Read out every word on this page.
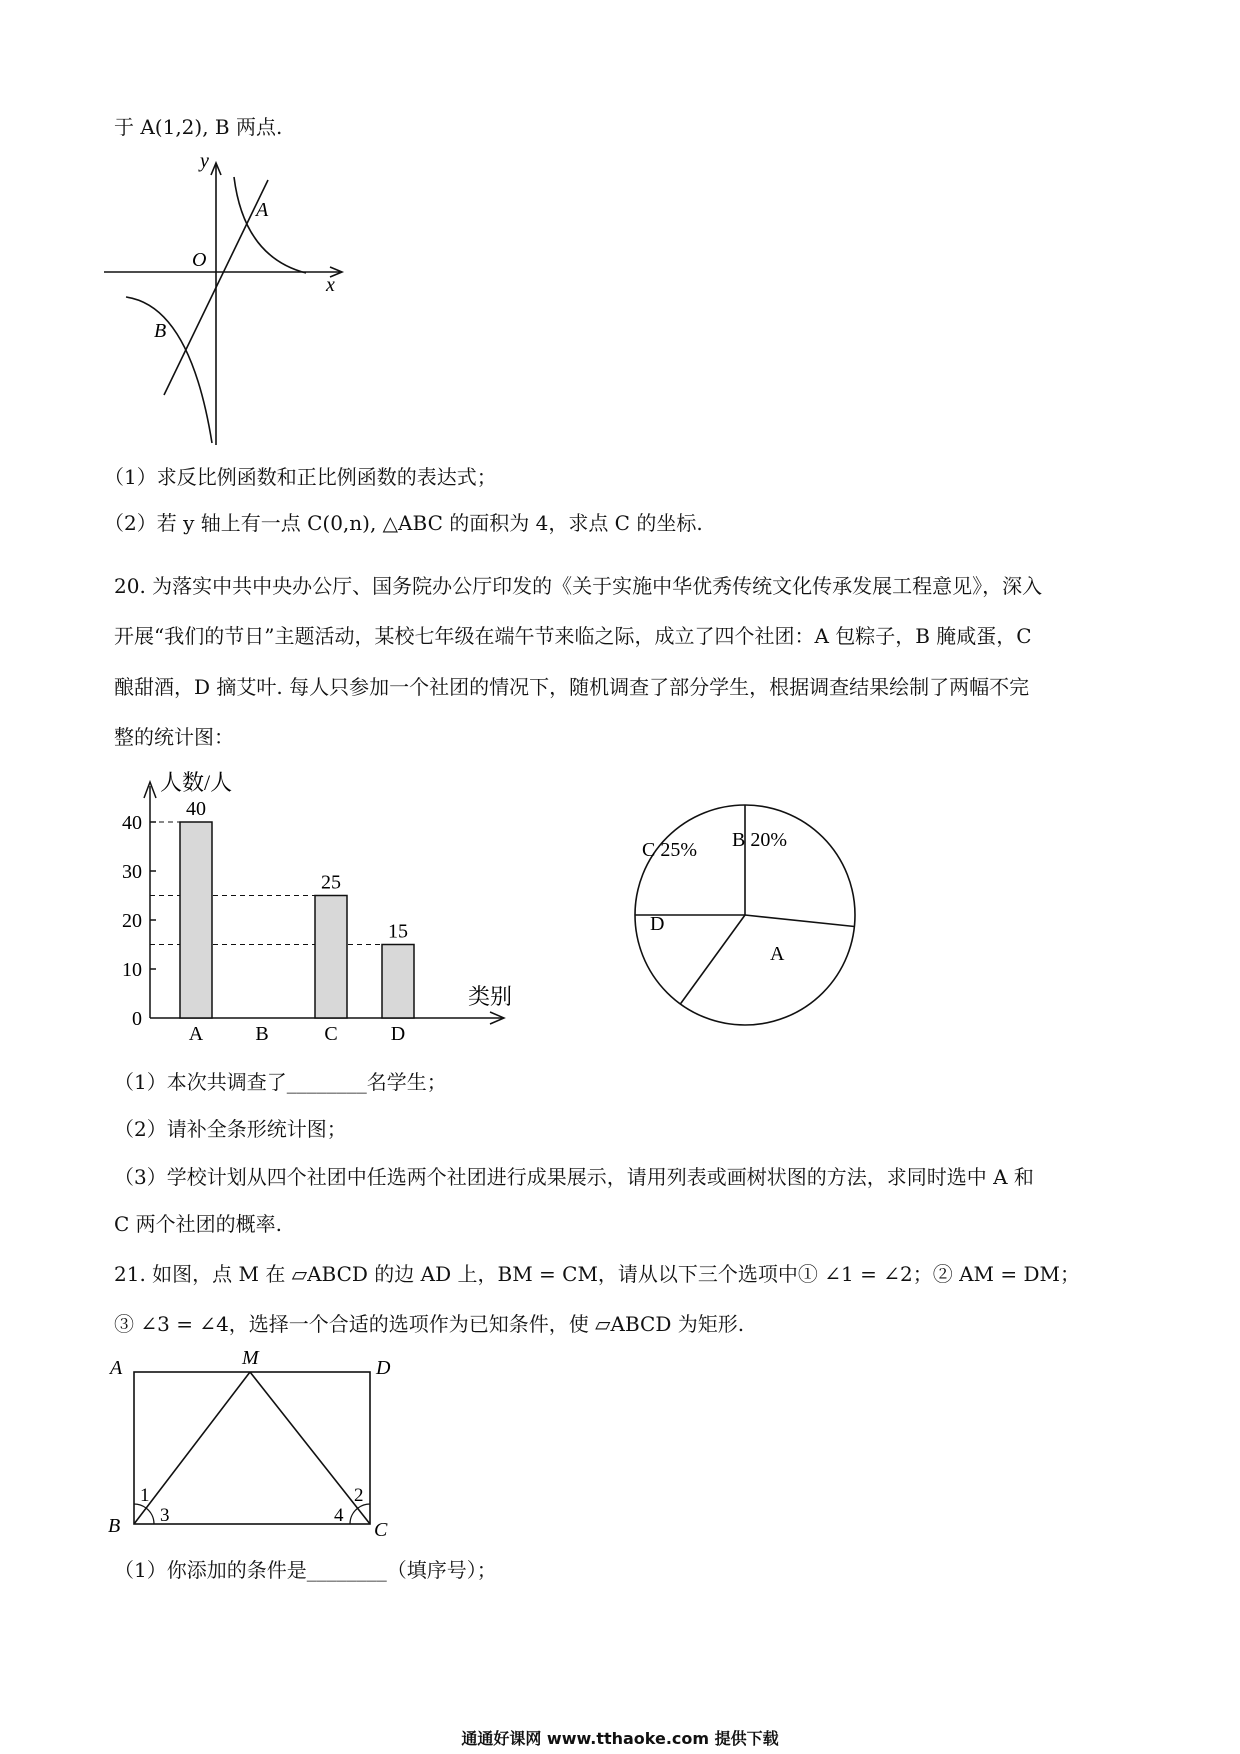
于 A(1,2), B 两点.
y
x
O
A
B
（1）求反比例函数和正比例函数的表达式；
（2）若 y 轴上有一点 C(0,n), △ABC 的面积为 4，求点 C 的坐标.
20. 为落实中共中央办公厅、国务院办公厅印发的《关于实施中华优秀传统文化传承发展工程意见》，深入
开展“我们的节日”主题活动，某校七年级在端午节来临之际，成立了四个社团：A 包粽子，B 腌咸蛋，C
酿甜酒，D 摘艾叶. 每人只参加一个社团的情况下，随机调查了部分学生，根据调查结果绘制了两幅不完
整的统计图：
人数/人
类别
0
10
20
30
40
40
A	B
25
C
15
D
A
B 20%
C 25%
D
（1）本次共调查了________名学生；
（2）请补全条形统计图；
（3）学校计划从四个社团中任选两个社团进行成果展示，请用列表或画树状图的方法，求同时选中 A 和
C 两个社团的概率.
21. 如图，点 M 在 ▱ABCD 的边 AD 上，BM = CM，请从以下三个选项中① ∠1 = ∠2；② AM = DM；
③ ∠3 = ∠4，选择一个合适的选项作为已知条件，使 ▱ABCD 为矩形.
A	M	D
B	C
1
3
2
4
（1）你添加的条件是________（填序号）；
通通好课网 www.tthaoke.com 提供下载
